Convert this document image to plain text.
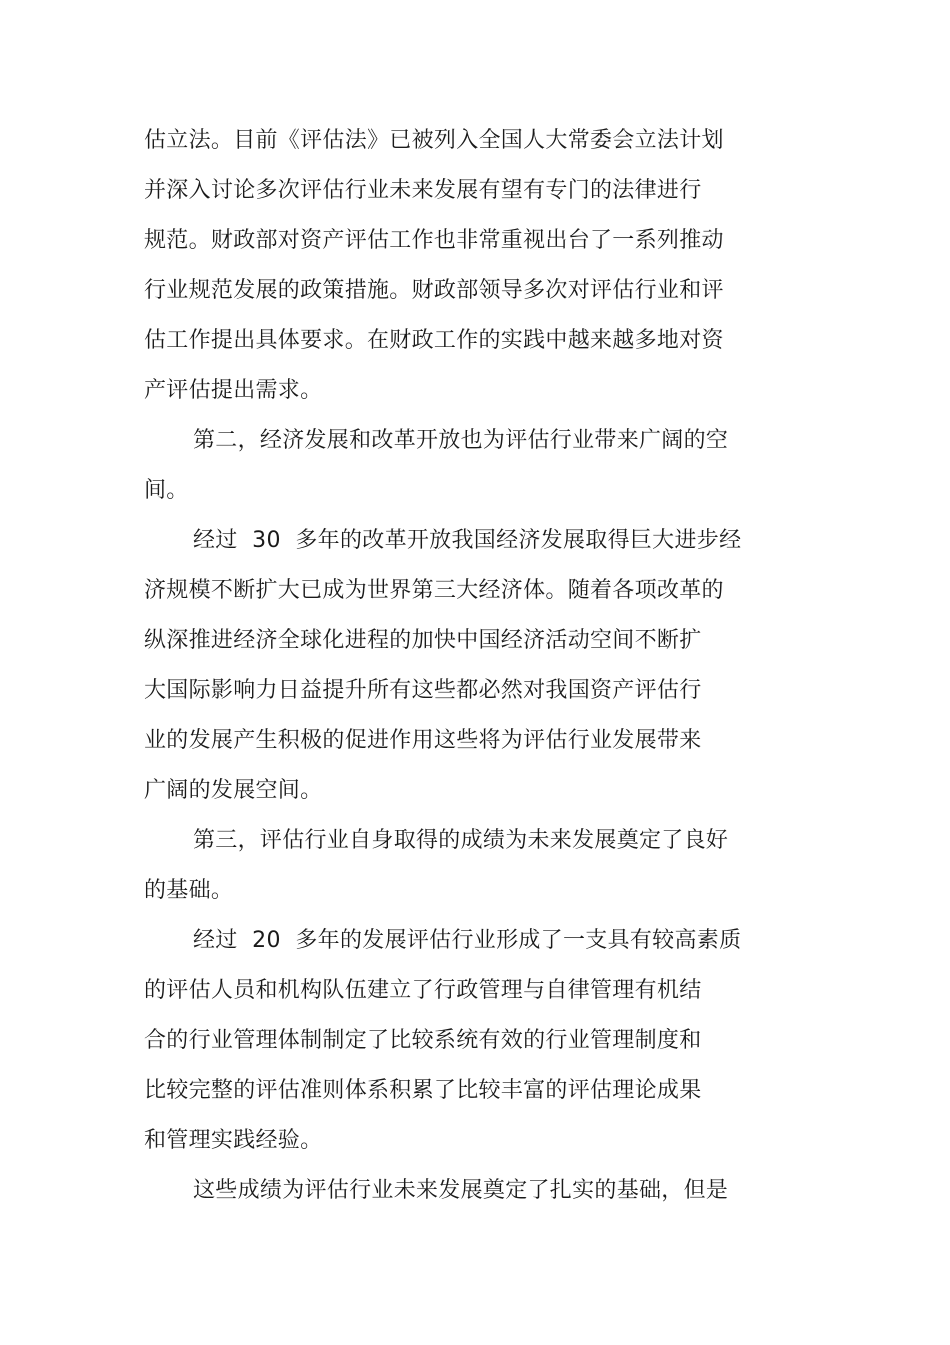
估立法。目前《评估法》已被列入全国人大常委会立法计划
并深入讨论多次评估行业未来发展有望有专门的法律进行
规范。财政部对资产评估工作也非常重视出台了一系列推动
行业规范发展的政策措施。财政部领导多次对评估行业和评
估工作提出具体要求。在财政工作的实践中越来越多地对资
产评估提出需求。
第二，经济发展和改革开放也为评估行业带来广阔的空
间。
经过  30  多年的改革开放我国经济发展取得巨大进步经
济规模不断扩大已成为世界第三大经济体。随着各项改革的
纵深推进经济全球化进程的加快中国经济活动空间不断扩
大国际影响力日益提升所有这些都必然对我国资产评估行
业的发展产生积极的促进作用这些将为评估行业发展带来
广阔的发展空间。
第三，评估行业自身取得的成绩为未来发展奠定了良好
的基础。
经过  20  多年的发展评估行业形成了一支具有较高素质
的评估人员和机构队伍建立了行政管理与自律管理有机结
合的行业管理体制制定了比较系统有效的行业管理制度和
比较完整的评估准则体系积累了比较丰富的评估理论成果
和管理实践经验。
这些成绩为评估行业未来发展奠定了扎实的基础，但是
